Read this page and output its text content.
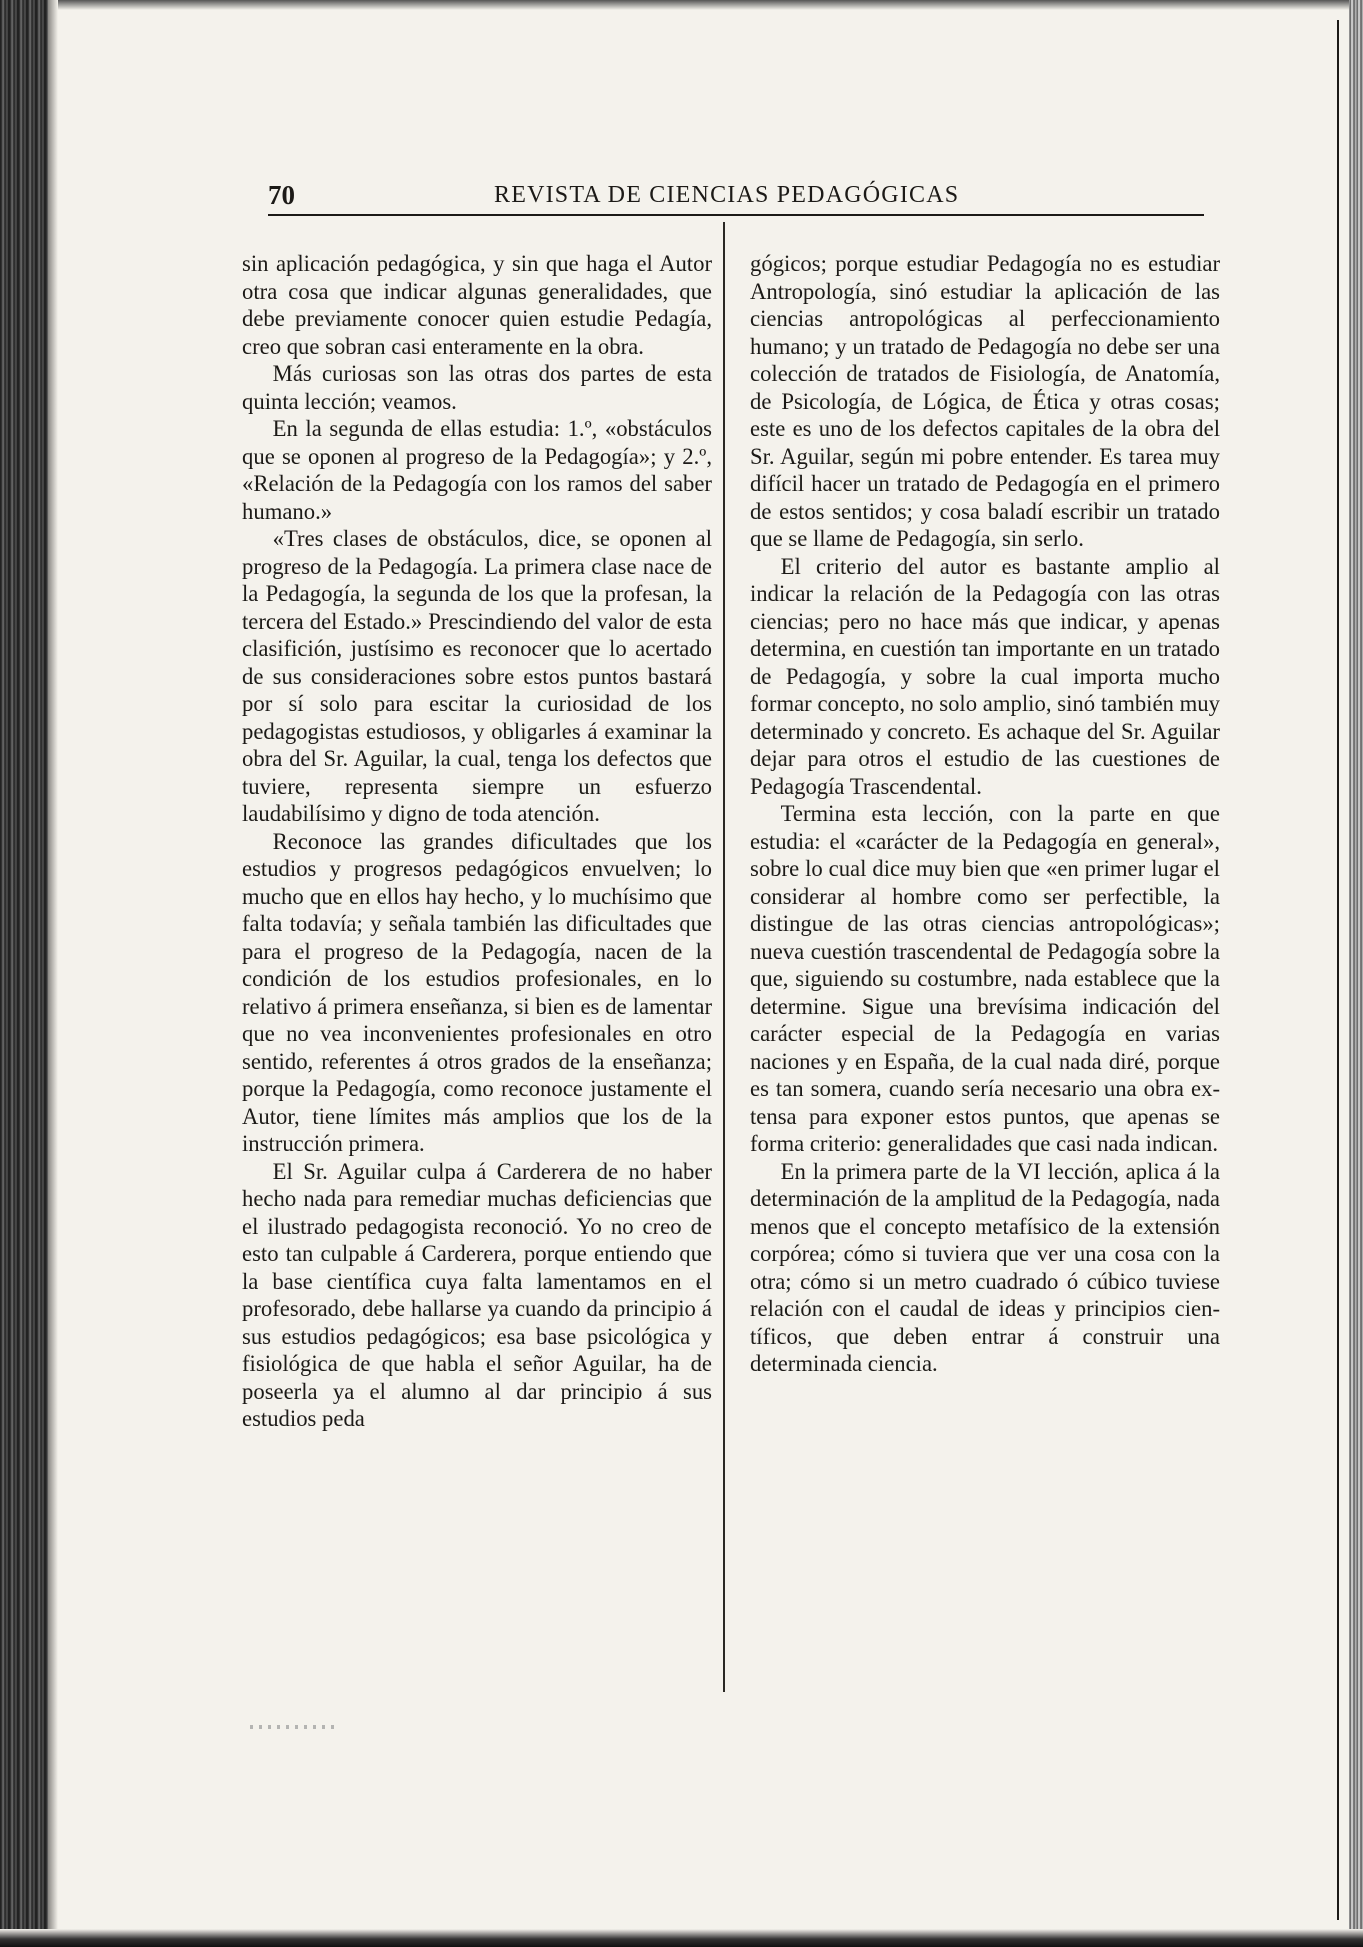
70	REVISTA DE CIENCIAS PEDAGÓGICAS

sin aplicación pedagógica, y sin que haga el Autor otra cosa que indicar algunas generalidades, que debe previamente conocer quien estudie Pedagía, creo que sobran casi enteramente en la obra.

Más curiosas son las otras dos partes de esta quinta lección; veamos.

En la segunda de ellas estudia: 1.º, «obstáculos que se oponen al progreso de la Pedagogía»; y 2.º, «Relación de la Pedagogía con los ramos del saber humano.»

«Tres clases de obstáculos, dice, se oponen al progreso de la Pedagogía. La primera clase nace de la Pedagogía, la segunda de los que la profesan, la tercera del Estado.» Prescindiendo del valor de esta clasifición, justísimo es reconocer que lo acertado de sus consideraciones sobre estos puntos bastará por sí solo para escitar la curiosidad de los pedagogistas estudiosos, y obligarles á examinar la obra del Sr. Aguilar, la cual, tenga los defectos que tuviere, representa siempre un esfuerzo laudabilísimo y digno de toda atención.

Reconoce las grandes dificultades que los estudios y progresos pedagógicos envuelven; lo mucho que en ellos hay hecho, y lo muchísimo que falta todavía; y señala también las dificultades que para el progreso de la Pedagogía, nacen de la condición de los estudios profesionales, en lo relativo á primera enseñanza, si bien es de lamentar que no vea inconvenientes profesionales en otro sentido, referentes á otros grados de la enseñanza; porque la Pedagogía, como reconoce justamente el Autor, tiene límites más amplios que los de la instrucción primera.

El Sr. Aguilar culpa á Carderera de no haber hecho nada para remediar muchas deficiencias que el ilustrado pedagogista reconoció. Yo no creo de esto tan culpable á Carderera, porque entiendo que la base científica cuya falta lamentamos en el profesorado, debe hallarse ya cuando da principio á sus estudios pedagógicos; esa base psicológica y fisiológica de que habla el señor Aguilar, ha de poseerla ya el alumno al dar principio á sus estudios peda

gógicos; porque estudiar Pedagogía no es estudiar Antropología, sinó estudiar la aplicación de las ciencias antropológicas al perfeccionamiento humano; y un tratado de Pedagogía no debe ser una colección de tratados de Fisiología, de Anatomía, de Psicología, de Lógica, de Ética y otras cosas; este es uno de los defectos capitales de la obra del Sr. Aguilar, según mi pobre entender. Es tarea muy difícil hacer un tratado de Pedagogía en el primero de estos sentidos; y cosa baladí escribir un tratado que se llame de Pedagogía, sin serlo.

El criterio del autor es bastante amplio al indicar la relación de la Pedagogía con las otras ciencias; pero no hace más que indicar, y apenas determina, en cuestión tan importante en un tratado de Pedagogía, y sobre la cual importa mucho formar concepto, no solo amplio, sinó también muy determinado y concreto. Es achaque del Sr. Aguilar dejar para otros el estudio de las cuestiones de Pedagogía Trascendental.

Termina esta lección, con la parte en que estudia: el «carácter de la Pedagogía en general», sobre lo cual dice muy bien que «en primer lugar el considerar al hombre como ser perfectible, la distingue de las otras ciencias antropológicas»; nueva cuestión trascendental de Pedagogía sobre la que, siguiendo su costumbre, nada establece que la determine. Sigue una brevísima indicación del carácter especial de la Pedagogía en varias naciones y en España, de la cual nada diré, porque es tan somera, cuando sería necesario una obra extensa para exponer estos puntos, que apenas se forma criterio: generalidades que casi nada indican.

En la primera parte de la VI lección, aplica á la determinación de la amplitud de la Pedagogía, nada menos que el concepto metafísico de la extensión corpórea; cómo si tuviera que ver una cosa con la otra; cómo si un metro cuadrado ó cúbico tuviese relación con el caudal de ideas y principios científicos, que deben entrar á construir una determinada ciencia.
